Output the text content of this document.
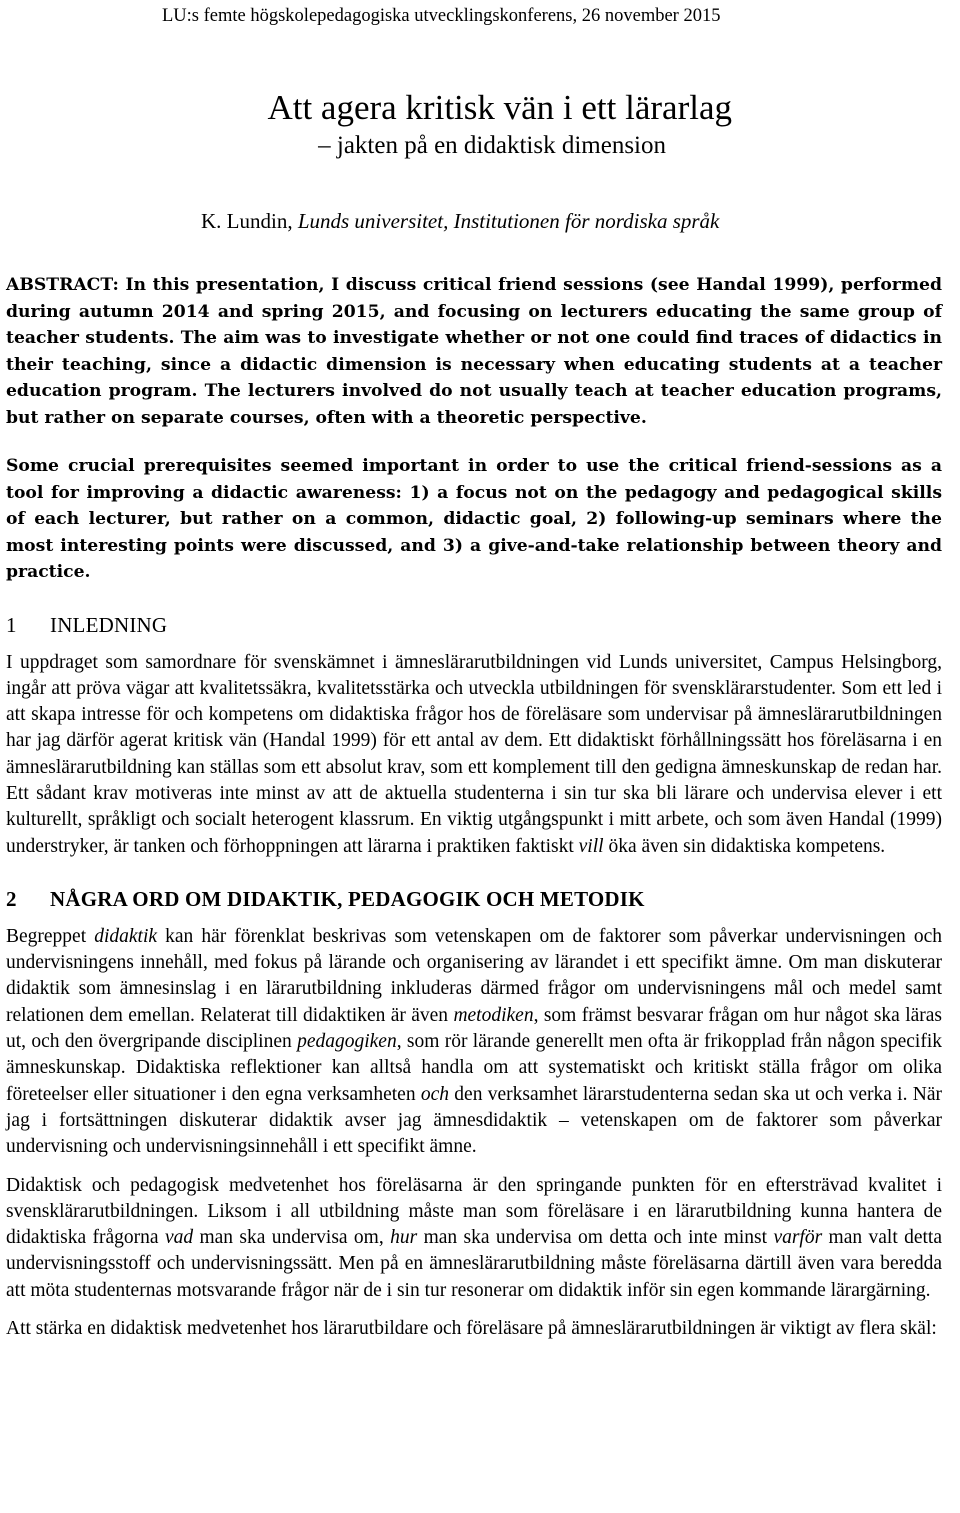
LU:s femte högskolepedagogiska utvecklingskonferens, 26 november 2015
Att agera kritisk vän i ett lärarlag
– jakten på en didaktisk dimension
K. Lundin, Lunds universitet, Institutionen för nordiska språk

ABSTRACT: In this presentation, I discuss critical friend sessions (see Handal 1999), performed during autumn 2014 and spring 2015, and focusing on lecturers educating the same group of teacher students. The aim was to investigate whether or not one could find traces of didactics in their teaching, since a didactic dimension is necessary when educating students at a teacher education program. The lecturers involved do not usually teach at teacher education programs, but rather on separate courses, often with a theoretic perspective.

Some crucial prerequisites seemed important in order to use the critical friend-sessions as a tool for improving a didactic awareness: 1) a focus not on the pedagogy and pedagogical skills of each lecturer, but rather on a common, didactic goal, 2) following-up seminars where the most interesting points were discussed, and 3) a give-and-take relationship between theory and practice.

1 INLEDNING

I uppdraget som samordnare för svenskämnet i ämneslärarutbildningen vid Lunds universitet, Campus Helsingborg, ingår att pröva vägar att kvalitetssäkra, kvalitetsstärka och utveckla utbildningen för svensklärarstudenter. Som ett led i att skapa intresse för och kompetens om didaktiska frågor hos de föreläsare som undervisar på ämneslärarutbildningen har jag därför agerat kritisk vän (Handal 1999) för ett antal av dem. Ett didaktiskt förhållningssätt hos föreläsarna i en ämneslärarutbildning kan ställas som ett absolut krav, som ett komplement till den gedigna ämneskunskap de redan har. Ett sådant krav motiveras inte minst av att de aktuella studenterna i sin tur ska bli lärare och undervisa elever i ett kulturellt, språkligt och socialt heterogent klassrum. En viktig utgångspunkt i mitt arbete, och som även Handal (1999) understryker, är tanken och förhoppningen att lärarna i praktiken faktiskt vill öka även sin didaktiska kompetens.

2 NÅGRA ORD OM DIDAKTIK, PEDAGOGIK OCH METODIK

Begreppet didaktik kan här förenklat beskrivas som vetenskapen om de faktorer som påverkar undervisningen och undervisningens innehåll, med fokus på lärande och organisering av lärandet i ett specifikt ämne. Om man diskuterar didaktik som ämnesinslag i en lärarutbildning inkluderas därmed frågor om undervisningens mål och medel samt relationen dem emellan. Relaterat till didaktiken är även metodiken, som främst besvarar frågan om hur något ska läras ut, och den övergripande disciplinen pedagogiken, som rör lärande generellt men ofta är frikopplad från någon specifik ämneskunskap. Didaktiska reflektioner kan alltså handla om att systematiskt och kritiskt ställa frågor om olika företeelser eller situationer i den egna verksamheten och den verksamhet lärarstudenterna sedan ska ut och verka i. När jag i fortsättningen diskuterar didaktik avser jag ämnesdidaktik – vetenskapen om de faktorer som påverkar undervisning och undervisningsinnehåll i ett specifikt ämne.

Didaktisk och pedagogisk medvetenhet hos föreläsarna är den springande punkten för en eftersträvad kvalitet i svensklärarutbildningen. Liksom i all utbildning måste man som föreläsare i en lärarutbildning kunna hantera de didaktiska frågorna vad man ska undervisa om, hur man ska undervisa om detta och inte minst varför man valt detta undervisningsstoff och undervisningssätt. Men på en ämneslärarutbildning måste föreläsarna därtill även vara beredda att möta studenternas motsvarande frågor när de i sin tur resonerar om didaktik inför sin egen kommande lärargärning.

Att stärka en didaktisk medvetenhet hos lärarutbildare och föreläsare på ämneslärarutbildningen är viktigt av flera skäl:
